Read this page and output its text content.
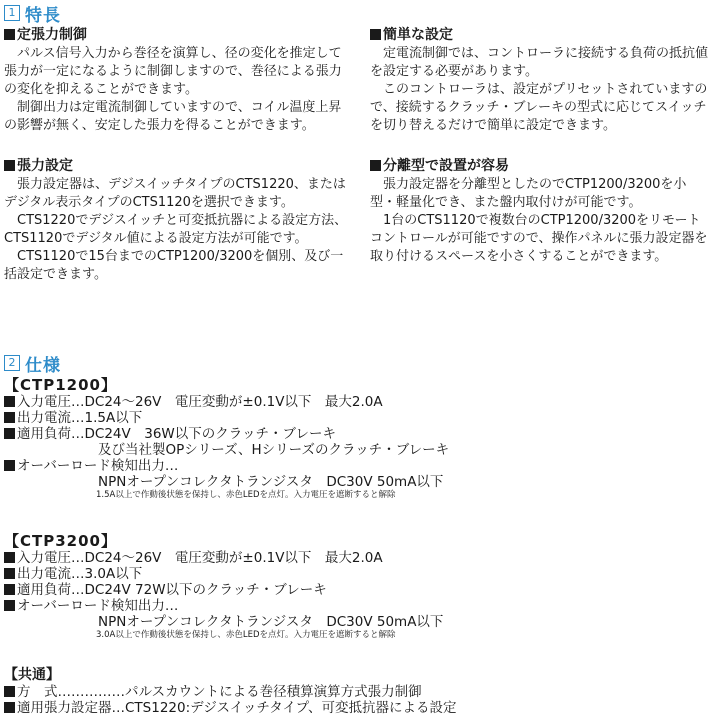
1 特長

定張力制御

パルス信号入力から巻径を演算し、径の変化を推定して張力が一定になるように制御しますので、巻径による張力の変化を抑えることができます。

制御出力は定電流制御していますので、コイル温度上昇の影響が無く、安定した張力を得ることができます。

張力設定

張力設定器は、デジスイッチタイプのCTS1220、またはデジタル表示タイプのCTS1120を選択できます。

CTS1220でデジスイッチと可変抵抗器による設定方法、CTS1120でデジタル値による設定方法が可能です。

CTS1120で15台までのCTP1200/3200を個別、及び一括設定できます。

簡単な設定

定電流制御では、コントローラに接続する負荷の抵抗値を設定する必要があります。

このコントローラは、設定がプリセットされていますので、接続するクラッチ・ブレーキの型式に応じてスイッチを切り替えるだけで簡単に設定できます。

分離型で設置が容易

張力設定器を分離型としたのでCTP1200/3200を小型・軽量化でき、また盤内取付けが可能です。

1台のCTS1120で複数台のCTP1200/3200をリモートコントロールが可能ですので、操作パネルに張力設定器を取り付けるスペースを小さくすることができます。

2 仕様
【CTP1200】
入力電圧…DC24～26V　電圧変動が±0.1V以下　最大2.0A
出力電流…1.5A以下
適用負荷…DC24V　36W以下のクラッチ・ブレーキ
及び当社製OPシリーズ、Hシリーズのクラッチ・ブレーキ
オーバーロード検知出力…
NPNオープンコレクタトランジスタ　DC30V 50mA以下
1.5A以上で作動後状態を保持し、赤色LEDを点灯。入力電圧を遮断すると解除
【CTP3200】
入力電圧…DC24～26V　電圧変動が±0.1V以下　最大2.0A
出力電流…3.0A以下
適用負荷…DC24V 72W以下のクラッチ・ブレーキ
オーバーロード検知出力…
NPNオープンコレクタトランジスタ　DC30V 50mA以下
3.0A以上で作動後状態を保持し、赤色LEDを点灯。入力電圧を遮断すると解除
【共通】
方　式……………パルスカウントによる巻径積算演算方式張力制御
適用張力設定器…CTS1220:デジスイッチタイプ、可変抵抗器による設定
